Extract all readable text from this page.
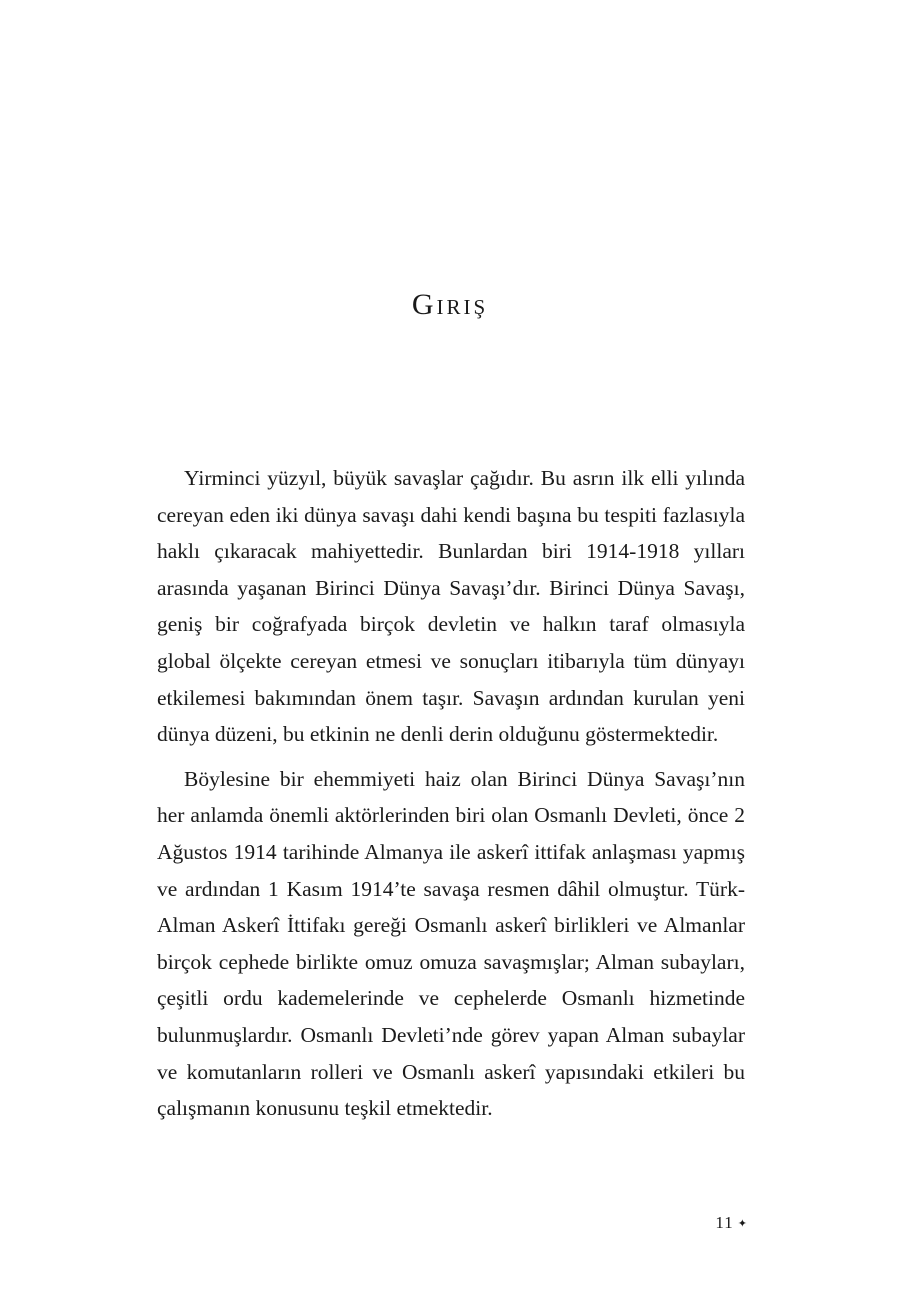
Giriş

Yirminci yüzyıl, büyük savaşlar çağıdır. Bu asrın ilk elli yılında cereyan eden iki dünya savaşı dahi kendi başına bu tespiti fazlasıyla haklı çıkaracak mahiyettedir. Bunlardan biri 1914-1918 yılları arasında yaşanan Birinci Dünya Savaşı’dır. Birinci Dünya Savaşı, geniş bir coğrafyada birçok devletin ve halkın taraf olmasıyla global ölçekte cereyan etmesi ve sonuçları itibarıyla tüm dünyayı etkilemesi bakımından önem taşır. Savaşın ardından kurulan yeni dünya düzeni, bu etkinin ne denli derin olduğunu göstermektedir.

Böylesine bir ehemmiyeti haiz olan Birinci Dünya Savaşı’nın her anlamda önemli aktörlerinden biri olan Osmanlı Devleti, önce 2 Ağustos 1914 tarihinde Almanya ile askerî ittifak anlaşması yapmış ve ardından 1 Kasım 1914’te savaşa resmen dâhil olmuştur. Türk-Alman Askerî İttifakı gereği Osmanlı askerî birlikleri ve Almanlar birçok cephede birlikte omuz omuza savaşmışlar; Alman subayları, çeşitli ordu kademelerinde ve cephelerde Osmanlı hizmetinde bulunmuşlardır. Osmanlı Devleti’nde görev yapan Alman subaylar ve komutanların rolleri ve Osmanlı askerî yapısındaki etkileri bu çalışmanın konusunu teşkil etmektedir.

11 ✦
